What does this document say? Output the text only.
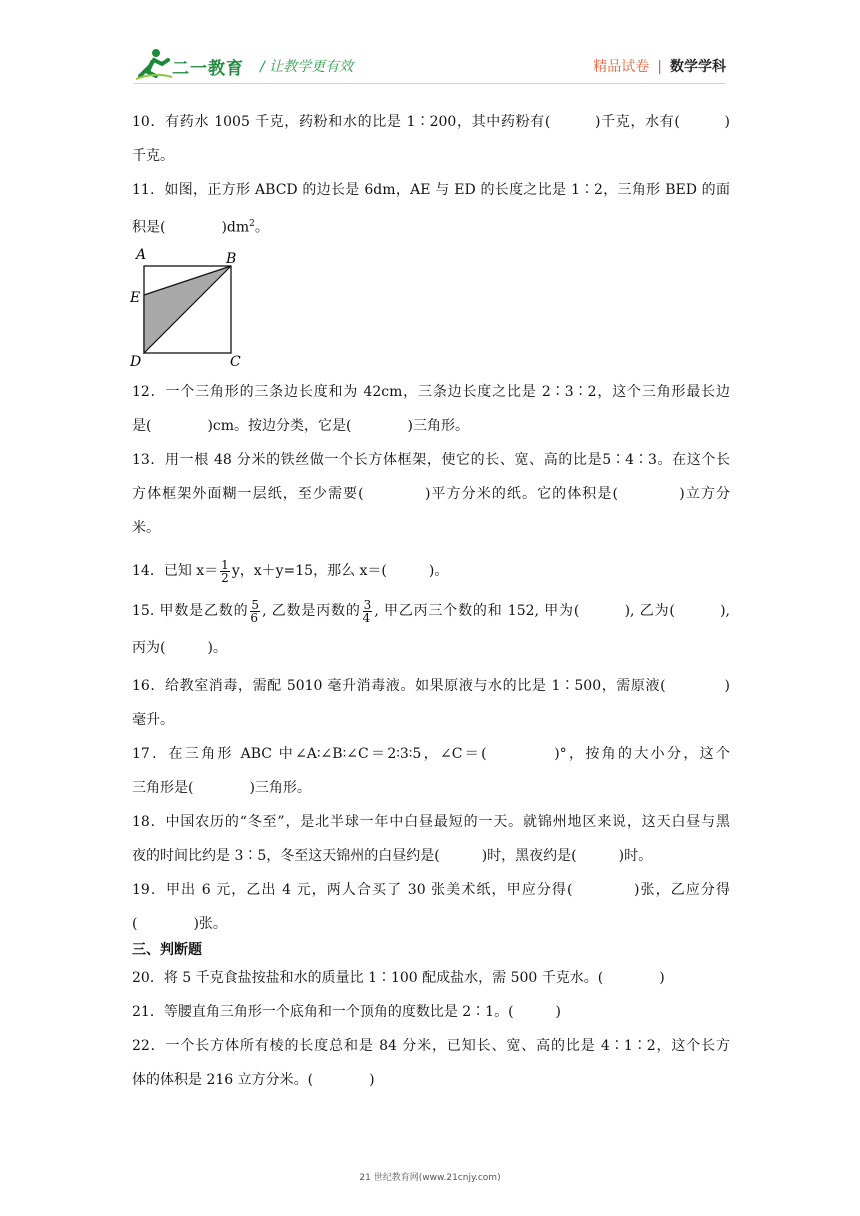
二一教育 / 让教学更有效	精品试卷 | 数学学科
10．有药水 1005 千克，药粉和水的比是 1∶200，其中药粉有(　　　)千克，水有(　　　)
千克。
11．如图，正方形 ABCD 的边长是 6dm，AE 与 ED 的长度之比是 1∶2，三角形 BED 的面
积是(　　　　)$dm^2$。
12．一个三角形的三条边长度和为 42cm，三条边长度之比是 2∶3∶2，这个三角形最长边
是(　　　　)cm。按边分类，它是(　　　　)三角形。
13．用一根 48 分米的铁丝做一个长方体框架，使它的长、宽、高的比是5∶4∶3。在这个长
方体框架外面糊一层纸，至少需要(　　　　)平方分米的纸。它的体积是(　　　　)立方分
米。
14．已知 $x= \frac{1}{2}$ y，x＋y=15，那么 x＝(　　　)。
15. 甲数是乙数的 $\frac{5}{6}$ , 乙数是丙数的 $\frac{3}{4}$ , 甲乙丙三个数的和 152, 甲为(　　　), 乙为(　　　),
丙为(　　　)。
16．给教室消毒，需配 5010 毫升消毒液。如果原液与水的比是 1∶500，需原液(　　　　)
毫升。
17．在三角形 ABC 中∠A∶∠B∶∠C＝2∶3∶5，∠C＝(　　　　)°，按角的大小分，这个
三角形是(　　　　)三角形。
18．中国农历的“冬至”，是北半球一年中白昼最短的一天。就锦州地区来说，这天白昼与黑
夜的时间比约是 3∶5，冬至这天锦州的白昼约是(　　　)时，黑夜约是(　　　)时。
19．甲出 6 元，乙出 4 元，两人合买了 30 张美术纸，甲应分得(　　　　)张，乙应分得
(　　　　)张。
三、判断题
20．将 5 千克食盐按盐和水的质量比 1∶100 配成盐水，需 500 千克水。(　　　　)
21．等腰直角三角形一个底角和一个顶角的度数比是 2∶1。(　　　)
22．一个长方体所有棱的长度总和是 84 分米，已知长、宽、高的比是 4∶1∶2，这个长方
体的体积是 216 立方分米。(　　　　)
A	B
E
D	C
21 世纪教育网(www.21cnjy.com)
